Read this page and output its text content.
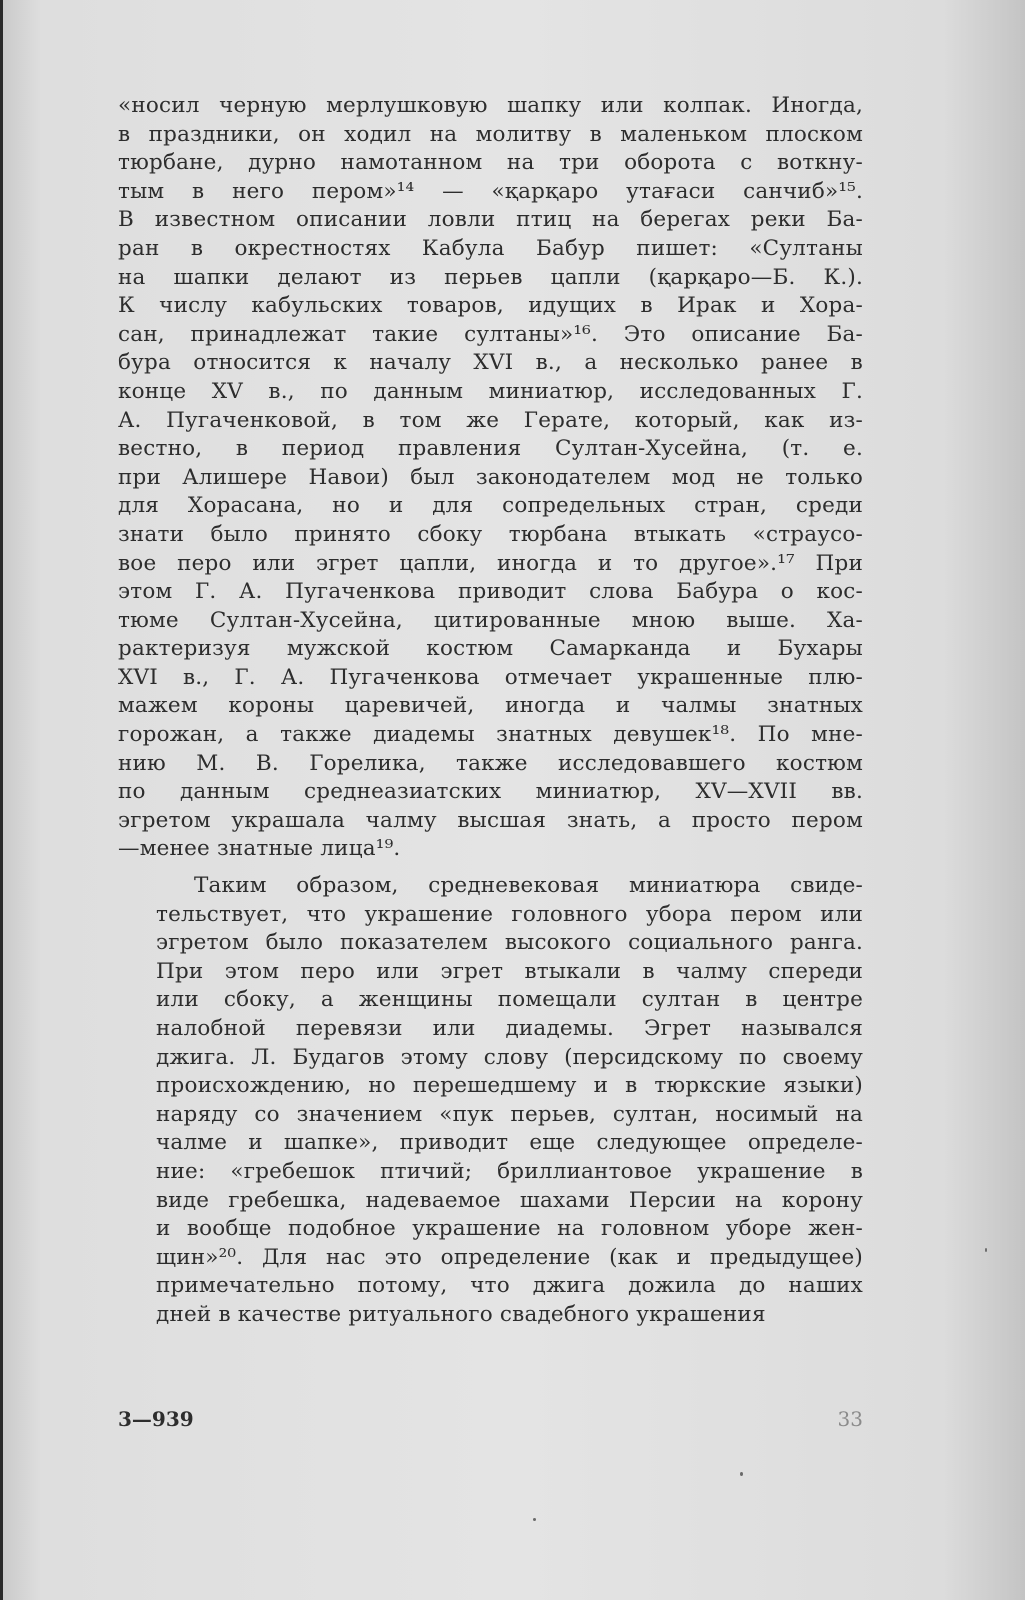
«носил черную мерлушковую шапку или колпак. Иногда,
в праздники, он ходил на молитву в маленьком плоском
тюрбане, дурно намотанном на три оборота с воткну-
тым в него пером»¹⁴ — «қарқаро утағаси санчиб»¹⁵.
В известном описании ловли птиц на берегах реки Ба-
ран в окрестностях Кабула Бабур пишет: «Султаны
на шапки делают из перьев цапли (қарқаро—Б. К.).
К числу кабульских товаров, идущих в Ирак и Хора-
сан, принадлежат такие султаны»¹⁶. Это описание Ба-
бура относится к началу XVI в., а несколько ранее в
конце XV в., по данным миниатюр, исследованных Г.
А. Пугаченковой, в том же Герате, который, как из-
вестно, в период правления Султан-Хусейна, (т. е.
при Алишере Навои) был законодателем мод не только
для Хорасана, но и для сопредельных стран, среди
знати было принято сбоку тюрбана втыкать «страусо-
вое перо или эгрет цапли, иногда и то другое».¹⁷ При
этом Г. А. Пугаченкова приводит слова Бабура о кос-
тюме Султан-Хусейна, цитированные мною выше. Ха-
рактеризуя мужской костюм Самарканда и Бухары
XVI в., Г. А. Пугаченкова отмечает украшенные плю-
мажем короны царевичей, иногда и чалмы знатных
горожан, а также диадемы знатных девушек¹⁸. По мне-
нию М. В. Горелика, также исследовавшего костюм
по данным среднеазиатских миниатюр, XV—XVII вв.
эгретом украшала чалму высшая знать, а просто пером
—менее знатные лица¹⁹.
Таким образом, средневековая миниатюра свиде-
тельствует, что украшение головного убора пером или
эгретом было показателем высокого социального ранга.
При этом перо или эгрет втыкали в чалму спереди
или сбоку, а женщины помещали султан в центре
налобной перевязи или диадемы. Эгрет назывался
джига. Л. Будагов этому слову (персидскому по своему
происхождению, но перешедшему и в тюркские языки)
наряду со значением «пук перьев, султан, носимый на
чалме и шапке», приводит еще следующее определе-
ние: «гребешок птичий; бриллиантовое украшение в
виде гребешка, надеваемое шахами Персии на корону
и вообще подобное украшение на головном уборе жен-
щин»²⁰. Для нас это определение (как и предыдущее)
примечательно потому, что джига дожила до наших
дней в качестве ритуального свадебного украшения
3—939	33
